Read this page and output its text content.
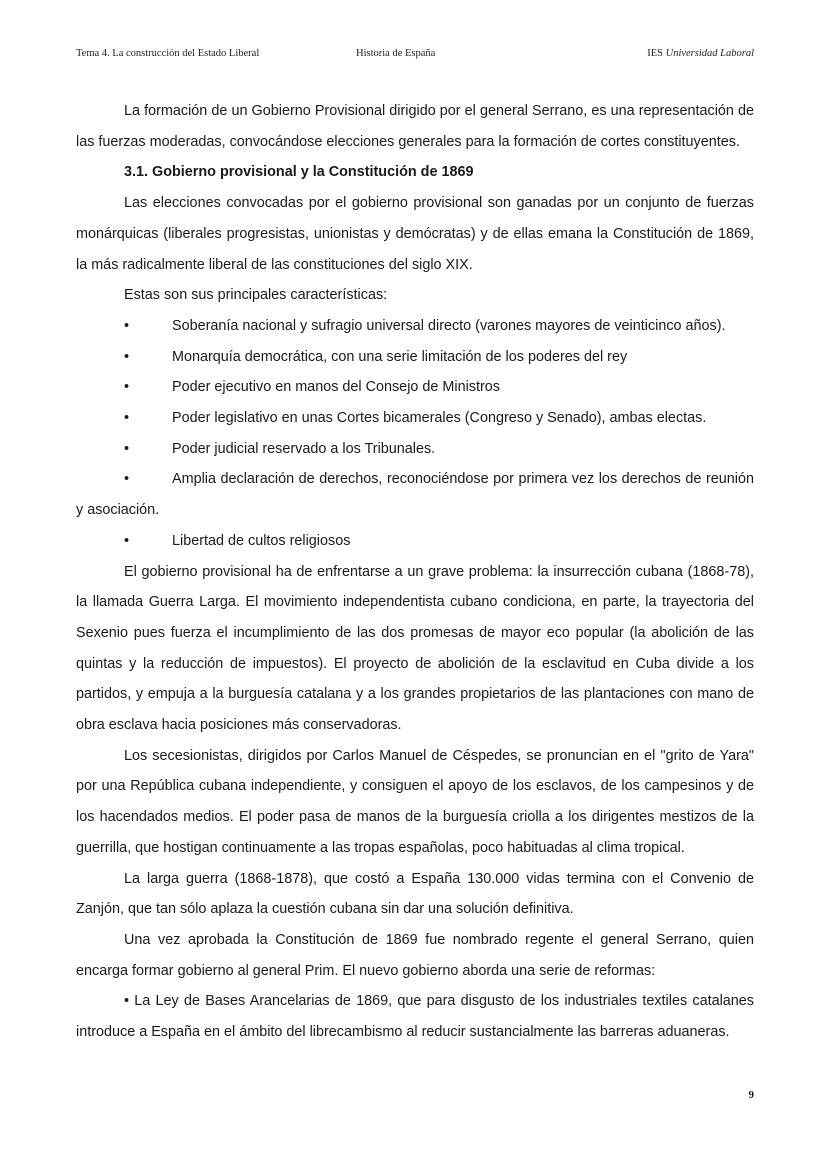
Tema 4. La construcción del Estado Liberal	Historia de España	IES Universidad Laboral

La formación de un Gobierno Provisional dirigido por el general Serrano, es una representación de las fuerzas moderadas, convocándose elecciones generales para la formación de cortes constituyentes.

3.1. Gobierno provisional y la Constitución de 1869

Las elecciones convocadas por el gobierno provisional son ganadas por un conjunto de fuerzas monárquicas (liberales progresistas, unionistas y demócratas) y de ellas emana la Constitución de 1869, la más radicalmente liberal de las constituciones del siglo XIX.

Estas son sus principales características:

•	Soberanía nacional y sufragio universal directo (varones mayores de veinticinco años).
•	Monarquía democrática, con una serie limitación de los poderes del rey
•	Poder ejecutivo en manos del Consejo de Ministros
•	Poder legislativo en unas Cortes bicamerales (Congreso y Senado), ambas electas.
•	Poder judicial reservado a los Tribunales.

•	Amplia declaración de derechos, reconociéndose por primera vez los derechos de reunión y asociación.

•	Libertad de cultos religiosos

El gobierno provisional ha de enfrentarse a un grave problema: la insurrección cubana (1868-78), la llamada Guerra Larga. El movimiento independentista cubano condiciona, en parte, la trayectoria del Sexenio pues fuerza el incumplimiento de las dos promesas de mayor eco popular (la abolición de las quintas y la reducción de impuestos). El proyecto de abolición de la esclavitud en Cuba divide a los partidos, y empuja a la burguesía catalana y a los grandes propietarios de las plantaciones con mano de obra esclava hacia posiciones más conservadoras.

Los secesionistas, dirigidos por Carlos Manuel de Céspedes, se pronuncian en el "grito de Yara" por una República cubana independiente, y consiguen el apoyo de los esclavos, de los campesinos y de los hacendados medios. El poder pasa de manos de la burguesía criolla a los dirigentes mestizos de la guerrilla, que hostigan continuamente a las tropas españolas, poco habituadas al clima tropical.

La larga guerra (1868-1878), que costó a España 130.000 vidas termina con el Convenio de Zanjón, que tan sólo aplaza la cuestión cubana sin dar una solución definitiva.

Una vez aprobada la Constitución de 1869 fue nombrado regente el general Serrano, quien encarga formar gobierno al general Prim. El nuevo gobierno aborda una serie de reformas:

• La Ley de Bases Arancelarias de 1869, que para disgusto de los industriales textiles catalanes introduce a España en el ámbito del librecambismo al reducir sustancialmente las barreras aduaneras.

9
